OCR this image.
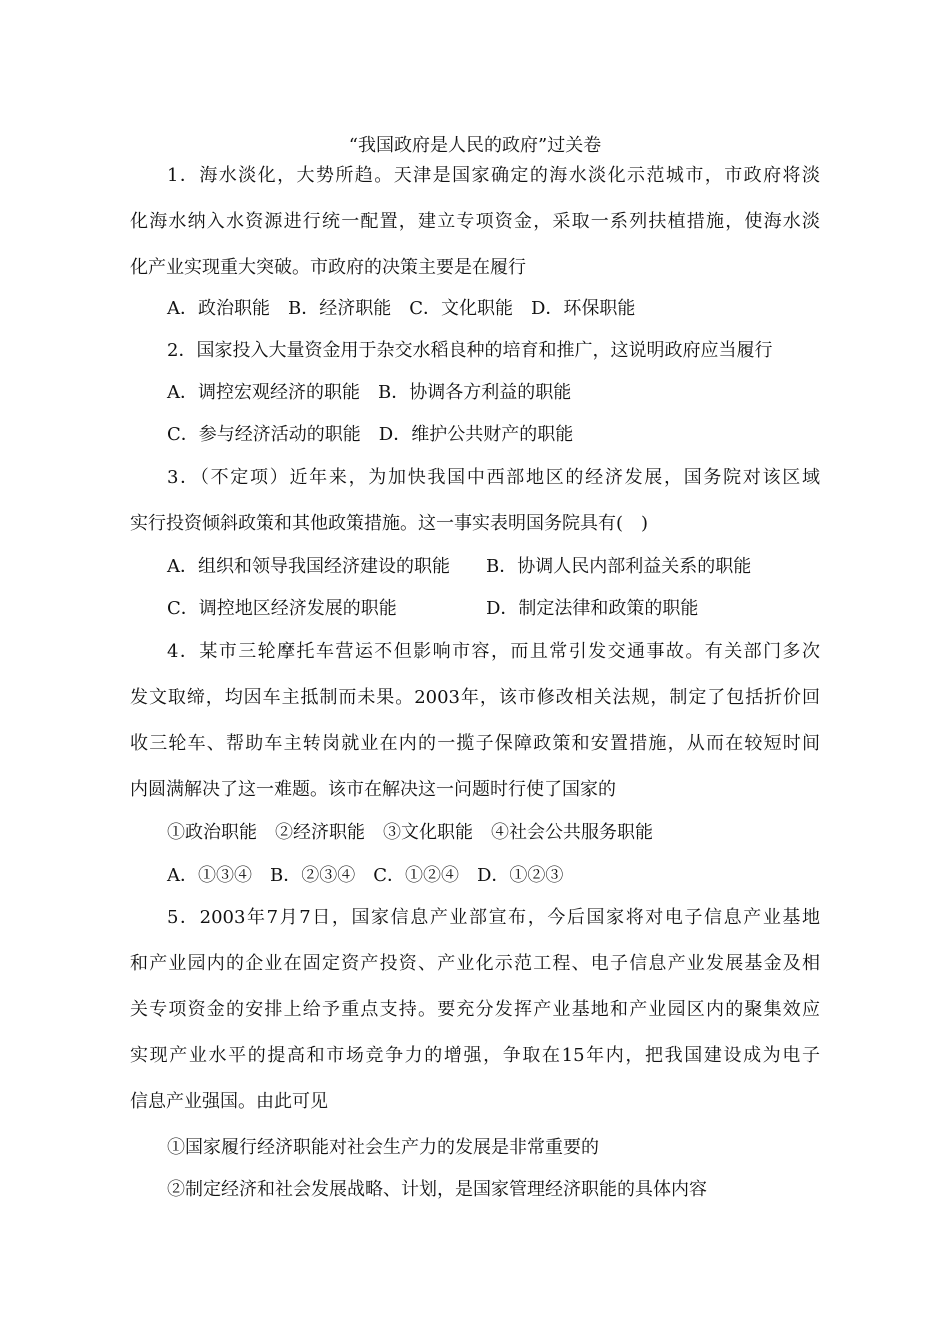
“我国政府是人民的政府”过关卷
1．海水淡化，大势所趋。天津是国家确定的海水淡化示范城市，市政府将淡
化海水纳入水资源进行统一配置，建立专项资金，采取一系列扶植措施，使海水淡
化产业实现重大突破。市政府的决策主要是在履行
A．政治职能　B．经济职能　C．文化职能　D．环保职能
2．国家投入大量资金用于杂交水稻良种的培育和推广，这说明政府应当履行
A．调控宏观经济的职能　B．协调各方利益的职能
C．参与经济活动的职能　D．维护公共财产的职能
3．（不定项）近年来，为加快我国中西部地区的经济发展，国务院对该区域
实行投资倾斜政策和其他政策措施。这一事实表明国务院具有(　)
A．组织和领导我国经济建设的职能 B．协调人民内部利益关系的职能
C．调控地区经济发展的职能	D．制定法律和政策的职能
4．某市三轮摩托车营运不但影响市容，而且常引发交通事故。有关部门多次
发文取缔，均因车主抵制而未果。2003年，该市修改相关法规，制定了包括折价回
收三轮车、帮助车主转岗就业在内的一揽子保障政策和安置措施，从而在较短时间
内圆满解决了这一难题。该市在解决这一问题时行使了国家的
①政治职能　②经济职能　③文化职能　④社会公共服务职能
A．①③④　B．②③④　C．①②④　D．①②③
5．2003年7月7日，国家信息产业部宣布，今后国家将对电子信息产业基地
和产业园内的企业在固定资产投资、产业化示范工程、电子信息产业发展基金及相
关专项资金的安排上给予重点支持。要充分发挥产业基地和产业园区内的聚集效应
实现产业水平的提高和市场竞争力的增强，争取在15年内，把我国建设成为电子
信息产业强国。由此可见
①国家履行经济职能对社会生产力的发展是非常重要的
②制定经济和社会发展战略、计划，是国家管理经济职能的具体内容
